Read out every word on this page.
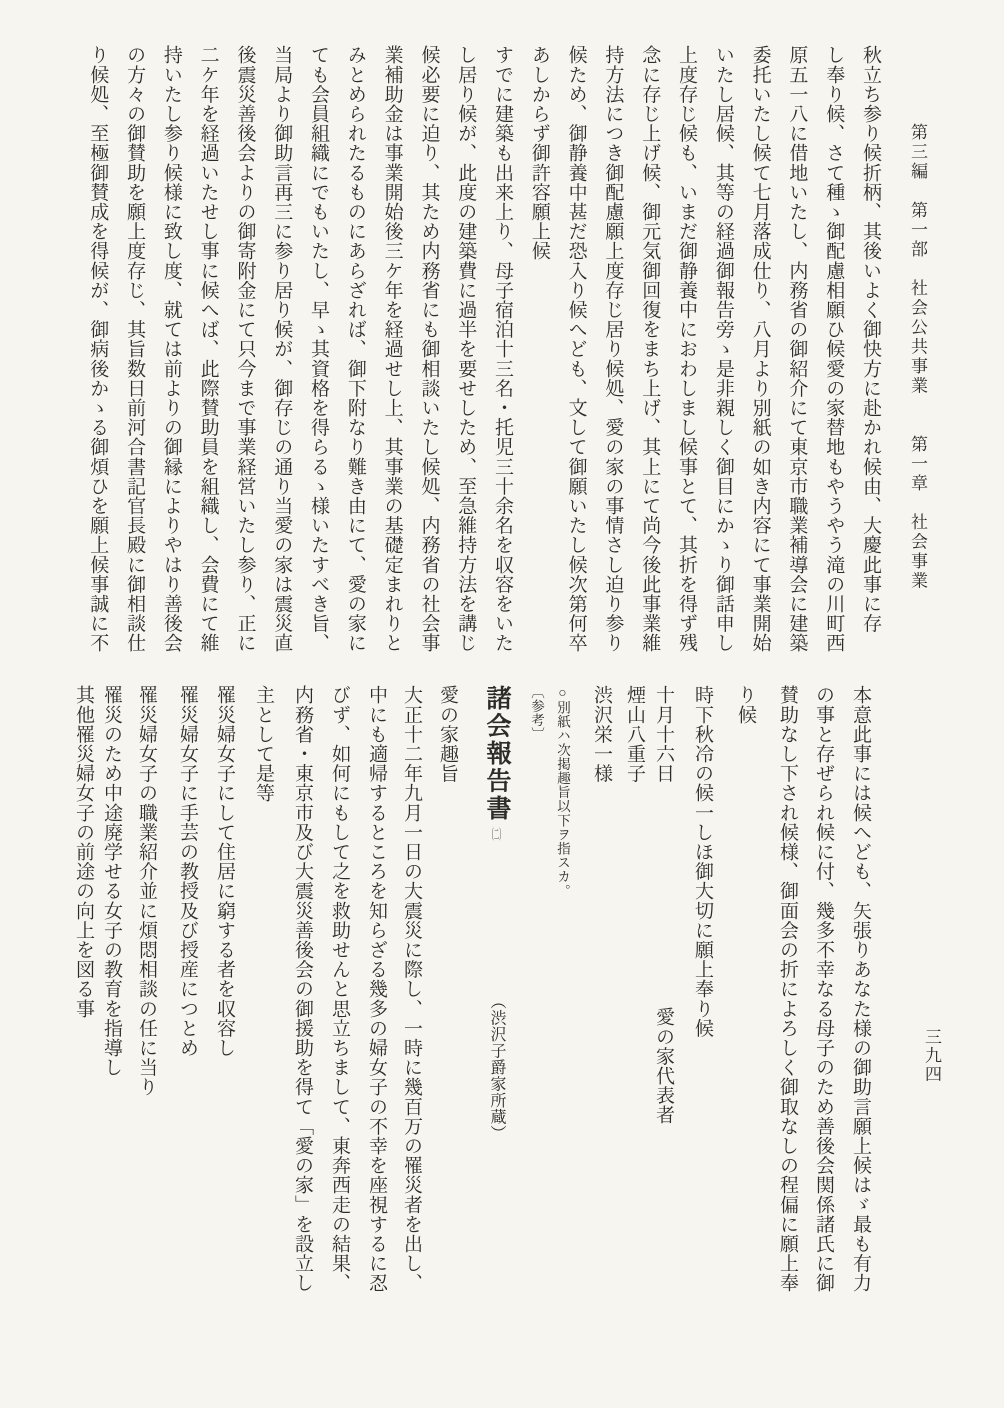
第三編　第一部　社会公共事業　　第一章　社会事業
三九四

秋立ち参り候折柄、其後いよく御快方に赴かれ候由、大慶此事に存

し奉り候、さて種ゝ御配慮相願ひ候愛の家替地もやうやう滝の川町西

原五一八に借地いたし、内務省の御紹介にて東京市職業補導会に建築

委托いたし候て七月落成仕り、八月より別紙の如き内容にて事業開始

いたし居候、其等の経過御報告旁ゝ是非親しく御目にかゝり御話申し

上度存じ候も、いまだ御静養中におわしまし候事とて、其折を得ず残

念に存じ上げ候、御元気御回復をまち上げ、其上にて尚今後此事業維

持方法につき御配慮願上度存じ居り候処、愛の家の事情さし迫り参り

候ため、御静養中甚だ恐入り候へども、文して御願いたし候次第何卒

あしからず御許容願上候

すでに建築も出来上り、母子宿泊十三名・托児三十余名を収容をいた

し居り候が、此度の建築費に過半を要せしため、至急維持方法を講じ

候必要に迫り、其ため内務省にも御相談いたし候処、内務省の社会事

業補助金は事業開始後三ケ年を経過せし上、其事業の基礎定まれりと

みとめられたるものにあらざれば、御下附なり難き由にて、愛の家に

ても会員組織にでもいたし、早ゝ其資格を得らるゝ様いたすべき旨、

当局より御助言再三に参り居り候が、御存じの通り当愛の家は震災直

後震災善後会よりの御寄附金にて只今まで事業経営いたし参り、正に

二ケ年を経過いたせし事に候へば、此際賛助員を組織し、会費にて維

持いたし参り候様に致し度、就ては前よりの御縁によりやはり善後会

の方々の御賛助を願上度存じ、其旨数日前河合書記官長殿に御相談仕

り候処、至極御賛成を得候が、御病後かゝる御煩ひを願上候事誠に不

本意此事には候へども、矢張りあなた様の御助言願上候はゞ最も有力

の事と存ぜられ候に付、幾多不幸なる母子のため善後会関係諸氏に御

賛助なし下され候様、御面会の折によろしく御取なしの程偏に願上奉

り候

時下秋冷の候一しほ御大切に願上奉り候

十月十六日愛の家代表者

煙山八重子

渋沢栄一様

○別紙ハ次掲趣旨以下ヲ指スカ。

〔参考〕

諸会報告書（二）（渋沢子爵家所蔵）

愛の家趣旨

大正十二年九月一日の大震災に際し、一時に幾百万の罹災者を出し、

中にも適帰するところを知らざる幾多の婦女子の不幸を座視するに忍

びず、如何にもして之を救助せんと思立ちまして、東奔西走の結果、

内務省・東京市及び大震災善後会の御援助を得て「愛の家」を設立し

主として是等

罹災婦女子にして住居に窮する者を収容し

罹災婦女子に手芸の教授及び授産につとめ

罹災婦女子の職業紹介並に煩悶相談の任に当り

罹災のため中途廃学せる女子の教育を指導し

其他罹災婦女子の前途の向上を図る事
